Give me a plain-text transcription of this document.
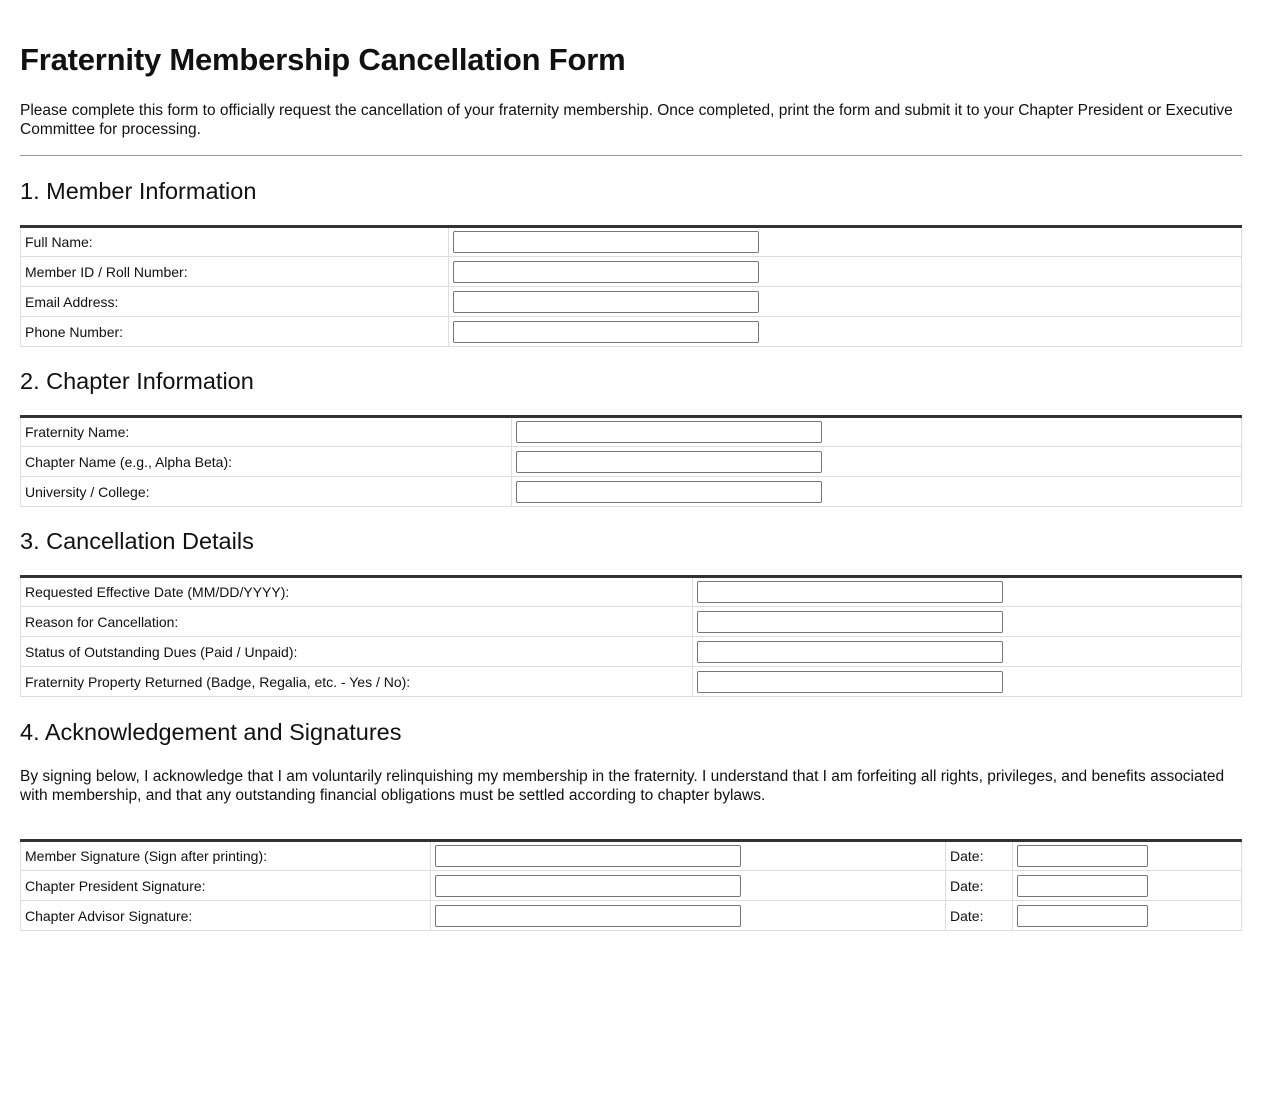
Fraternity Membership Cancellation Form

Please complete this form to officially request the cancellation of your fraternity membership. Once completed, print the form and submit it to your Chapter President or Executive Committee for processing.

1. Member Information
Full Name:	

Member ID / Roll Number:	

Email Address:	

Phone Number:	
2. Chapter Information
Fraternity Name:	

Chapter Name (e.g., Alpha Beta):	

University / College:	
3. Cancellation Details
Requested Effective Date (MM/DD/YYYY):	

Reason for Cancellation:	

Status of Outstanding Dues (Paid / Unpaid):	

Fraternity Property Returned (Badge, Regalia, etc. - Yes / No):	
4. Acknowledgement and Signatures

By signing below, I acknowledge that I am voluntarily relinquishing my membership in the fraternity. I understand that I am forfeiting all rights, privileges, and benefits associated with membership, and that any outstanding financial obligations must be settled according to chapter bylaws.

Member Signature (Sign after printing):		Date:	

Chapter President Signature:		Date:	

Chapter Advisor Signature:		Date:	
